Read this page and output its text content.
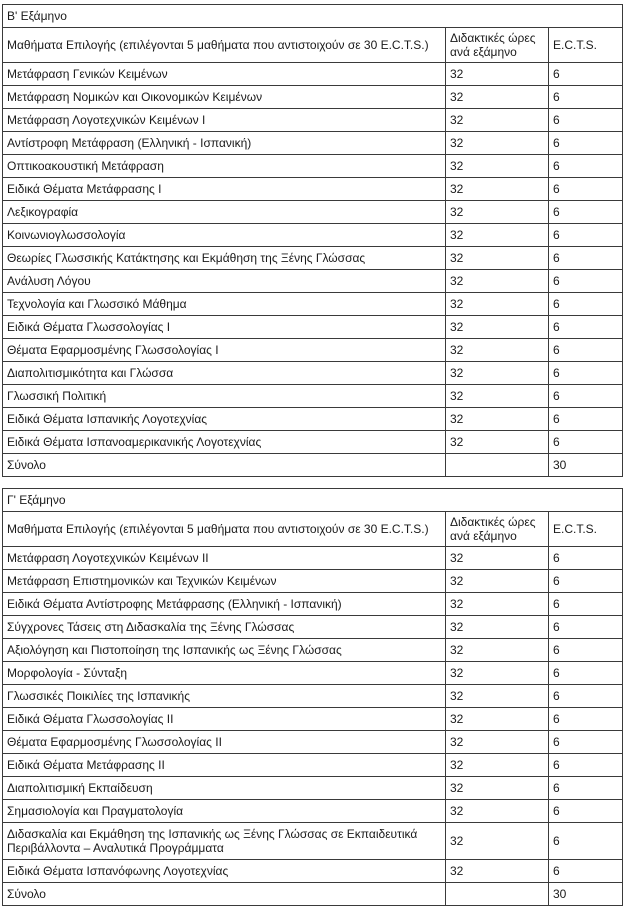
Β' Εξάμηνο		
Μαθήματα Επιλογής (επιλέγονται 5 μαθήματα που αντιστοιχούν σε 30 E.C.T.S.)	Διδακτικές ώρες ανά εξάμηνο	E.C.T.S.
Μετάφραση Γενικών Κειμένων	32	6
Μετάφραση Νομικών και Οικονομικών Κειμένων	32	6
Μετάφραση Λογοτεχνικών Κειμένων Ι	32	6
Αντίστροφη Μετάφραση (Ελληνική - Ισπανική)	32	6
Οπτικοακουστική Μετάφραση	32	6
Ειδικά Θέματα Μετάφρασης Ι	32	6
Λεξικογραφία	32	6
Κοινωνιογλωσσολογία	32	6
Θεωρίες Γλωσσικής Κατάκτησης και Εκμάθηση της Ξένης Γλώσσας	32	6
Ανάλυση Λόγου	32	6
Τεχνολογία και Γλωσσικό Μάθημα	32	6
Ειδικά Θέματα Γλωσσολογίας Ι	32	6
Θέματα Εφαρμοσμένης Γλωσσολογίας Ι	32	6
Διαπολιτισμικότητα και Γλώσσα	32	6
Γλωσσική Πολιτική	32	6
Ειδικά Θέματα Ισπανικής Λογοτεχνίας	32	6
Ειδικά Θέματα Ισπανοαμερικανικής Λογοτεχνίας	32	6
Σύνολο		30
Γ' Εξάμηνο		
Μαθήματα Επιλογής (επιλέγονται 5 μαθήματα που αντιστοιχούν σε 30 E.C.T.S.)	Διδακτικές ώρες ανά εξάμηνο	E.C.T.S.
Μετάφραση Λογοτεχνικών Κειμένων ΙΙ	32	6
Μετάφραση Επιστημονικών και Τεχνικών Κειμένων	32	6
Ειδικά Θέματα Αντίστροφης Μετάφρασης (Ελληνική - Ισπανική)	32	6
Σύγχρονες Τάσεις στη Διδασκαλία της Ξένης Γλώσσας	32	6
Αξιολόγηση και Πιστοποίηση της Ισπανικής ως Ξένης Γλώσσας	32	6
Μορφολογία - Σύνταξη	32	6
Γλωσσικές Ποικιλίες της Ισπανικής	32	6
Ειδικά Θέματα Γλωσσολογίας ΙΙ	32	6
Θέματα Εφαρμοσμένης Γλωσσολογίας ΙΙ	32	6
Ειδικά Θέματα Μετάφρασης ΙΙ	32	6
Διαπολιτισμική Εκπαίδευση	32	6
Σημασιολογία και Πραγματολογία	32	6
Διδασκαλία και Εκμάθηση της Ισπανικής ως Ξένης Γλώσσας σε Εκπαιδευτικά Περιβάλλοντα – Αναλυτικά Προγράμματα	32	6
Ειδικά Θέματα Ισπανόφωνης Λογοτεχνίας	32	6
Σύνολο		30
